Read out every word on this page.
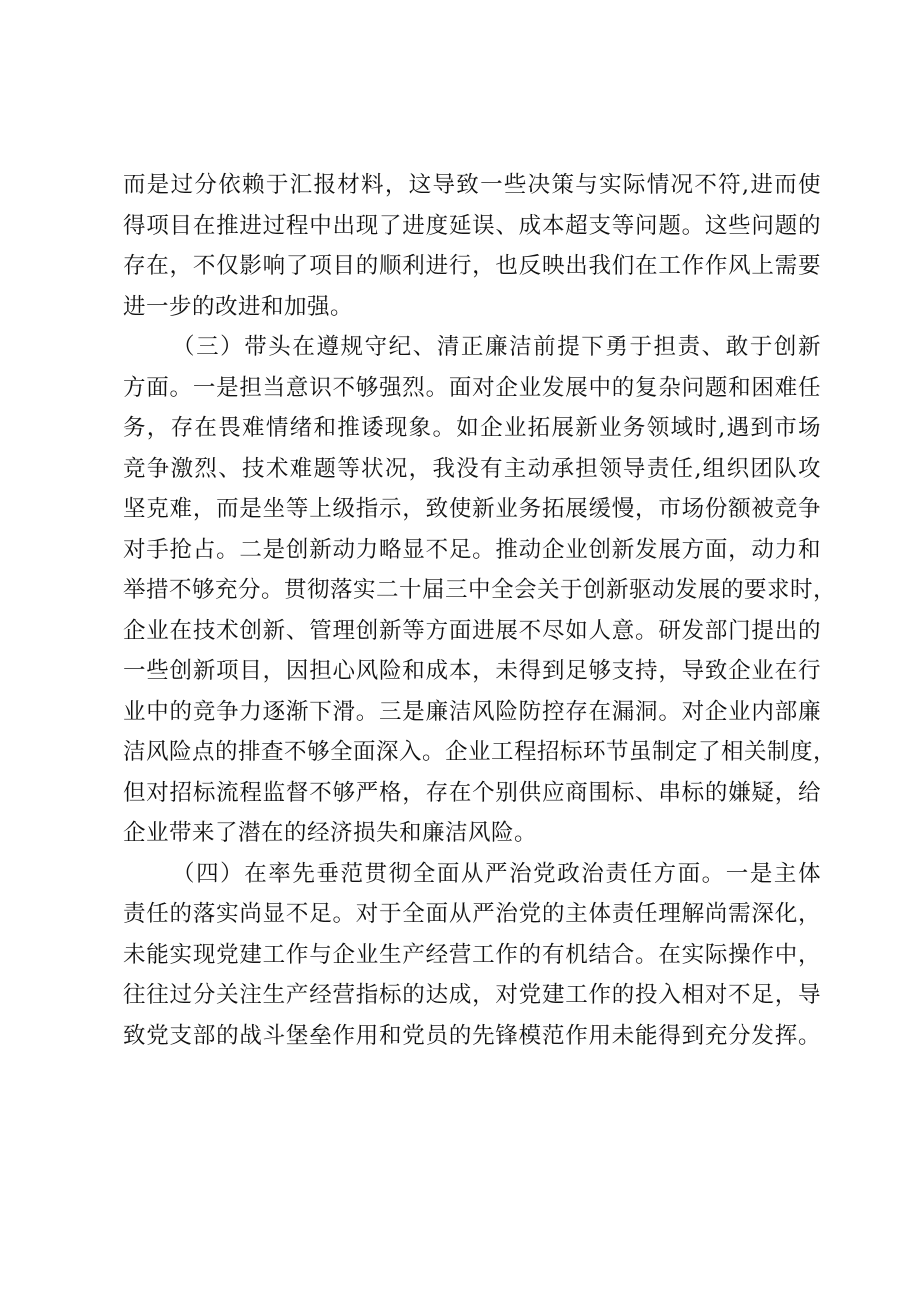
而是过分依赖于汇报材料，这导致一些决策与实际情况不符,进而使
得项目在推进过程中出现了进度延误、成本超支等问题。这些问题的
存在，不仅影响了项目的顺利进行，也反映出我们在工作作风上需要
进一步的改进和加强。
（三）带头在遵规守纪、清正廉洁前提下勇于担责、敢于创新
方面。一是担当意识不够强烈。面对企业发展中的复杂问题和困难任
务，存在畏难情绪和推诿现象。如企业拓展新业务领域时,遇到市场
竞争激烈、技术难题等状况，我没有主动承担领导责任,组织团队攻
坚克难，而是坐等上级指示，致使新业务拓展缓慢，市场份额被竞争
对手抢占。二是创新动力略显不足。推动企业创新发展方面，动力和
举措不够充分。贯彻落实二十届三中全会关于创新驱动发展的要求时，
企业在技术创新、管理创新等方面进展不尽如人意。研发部门提出的
一些创新项目，因担心风险和成本，未得到足够支持，导致企业在行
业中的竞争力逐渐下滑。三是廉洁风险防控存在漏洞。对企业内部廉
洁风险点的排查不够全面深入。企业工程招标环节虽制定了相关制度，
但对招标流程监督不够严格，存在个别供应商围标、串标的嫌疑，给
企业带来了潜在的经济损失和廉洁风险。
（四）在率先垂范贯彻全面从严治党政治责任方面。一是主体
责任的落实尚显不足。对于全面从严治党的主体责任理解尚需深化，
未能实现党建工作与企业生产经营工作的有机结合。在实际操作中，
往往过分关注生产经营指标的达成，对党建工作的投入相对不足，导
致党支部的战斗堡垒作用和党员的先锋模范作用未能得到充分发挥。
